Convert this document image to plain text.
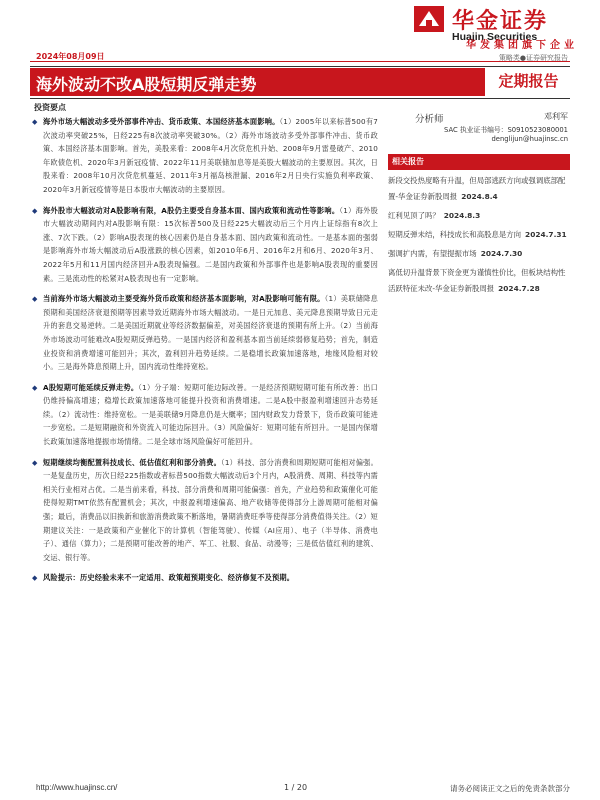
华金证券
Huajin Securities
华发集团旗下企业
2024年08月09日	策略类●证券研究报告
海外波动不改A股短期反弹走势	定期报告
投资要点
◆ 海外市场大幅波动多受外部事件冲击、货币政策、本国经济基本面影响。（1）2005年以来标普500有7次波动率突破25%，日经225有8次波动率突破30%。（2）海外市场波动多受外部事件冲击、货币政策、本国经济基本面影响。首先，美股来看：2008年4月次贷危机升始、2008年9月雷曼破产、2010年欧债危机、2020年3月新冠疫情、2022年11月美联储加息等是美股大幅波动的主要原因。其次，日股来看：2008年10月次贷危机蔓延、2011年3月福岛核泄漏、2016年2月日央行实施负利率政策、2020年3月新冠疫情等是日本股市大幅波动的主要原因。
◆ 海外股市大幅波动对A股影响有限，A股仍主要受自身基本面、国内政策和流动性等影响。（1）海外股市大幅波动期间内对A股影响有限：15次标普500及日经225大幅波动后三个月内上证综指有8次上涨、7次下跌。（2）影响A股表现的核心因素仍是自身基本面、国内政策和流动性。一是基本面的强弱是影响海外市场大幅波动后A股涨跌的核心因素，如2010年6月、2016年2月和6月、2020年3月、2022年5月和11月国内经济回升A股表现偏强。二是国内政策和外部事件也是影响A股表现的重要因素。三是流动性的松紧对A股表现也有一定影响。
◆ 当前海外市场大幅波动主要受海外货币政策和经济基本面影响，对A股影响可能有限。（1）美联储降息预期和美国经济衰退预期等因素导致近期海外市场大幅波动。一是日元加息、美元降息预期导致日元走升的套息交易逆转。二是美国近期就业等经济数据偏差，对美国经济衰退的预期有所上升。（2）当前海外市场波动可能难改A股短期反弹趋势。一是国内经济和盈利基本面当前延续弱修复趋势；首先，制造业投资和消费增速可能回升；其次，盈利回升趋势延续。二是稳增长政策加速落地，地缘风险相对较小。三是海外降息预期上升，国内流动性维持宽松。
◆ A股短期可能延续反弹走势。（1）分子端：短期可能边际改善。一是经济预期短期可能有所改善：出口仍维持偏高增速；稳增长政策加速落地可能提升投资和消费增速。二是A股中报盈利增速回升态势延续。（2）流动性：维持宽松。一是美联储9月降息仍是大概率；国内财政发力背景下，货币政策可能进一步宽松。二是短期融资和外资流入可能边际回升。（3）风险偏好：短期可能有所回升。一是国内保增长政策加速落地提振市场情绪。二是全球市场风险偏好可能回升。
◆ 短期继续均衡配置科技成长、低估值红利和部分消费。（1）科技、部分消费和周期短期可能相对偏强。一是复盘历史，历次日经225指数或者标普500指数大幅波动后3个月内，A股消费、周期、科技等内需相关行业相对占优。二是当前来看，科技、部分消费和周期可能偏强：首先，产业趋势和政策催化可能使得短期TMT依然有配置机会；其次，中报盈利增速偏高、地产收储等使得部分上游周期可能相对偏强；最后，消费品以旧换新和旅游消费政策不断落地，暑期消费旺季等使得部分消费值得关注。（2）短期建议关注：一是政策和产业催化下的计算机（智能驾驶）、传媒（AI应用）、电子（半导体、消费电子）、通信（算力）；二是预期可能改善的地产、军工、社服、食品、动漫等；三是低估值红利的建筑、交运、银行等。
◆ 风险提示：历史经验未来不一定适用、政策超预期变化、经济修复不及预期。
分析师	邓利军
SAC 执业证书编号：S0910523080001
denglijun@huajinsc.cn
相关报告
新段交投热度略有升温，但局部逃跃方向或强调底部配置-华金证券新股周报 2024.8.4
红利见顶了吗？ 2024.8.3
短期反弹未结，科技成长和高股息是方向 2024.7.31
强调扩内需，有望提振市场 2024.7.30
离低切升温背景下资金更为谨慎性价比，但板块结构性活跃特征未改-华金证券新股周报 2024.7.28
http://www.huajinsc.cn/	1 / 20	请务必阅读正文之后的免责条款部分
